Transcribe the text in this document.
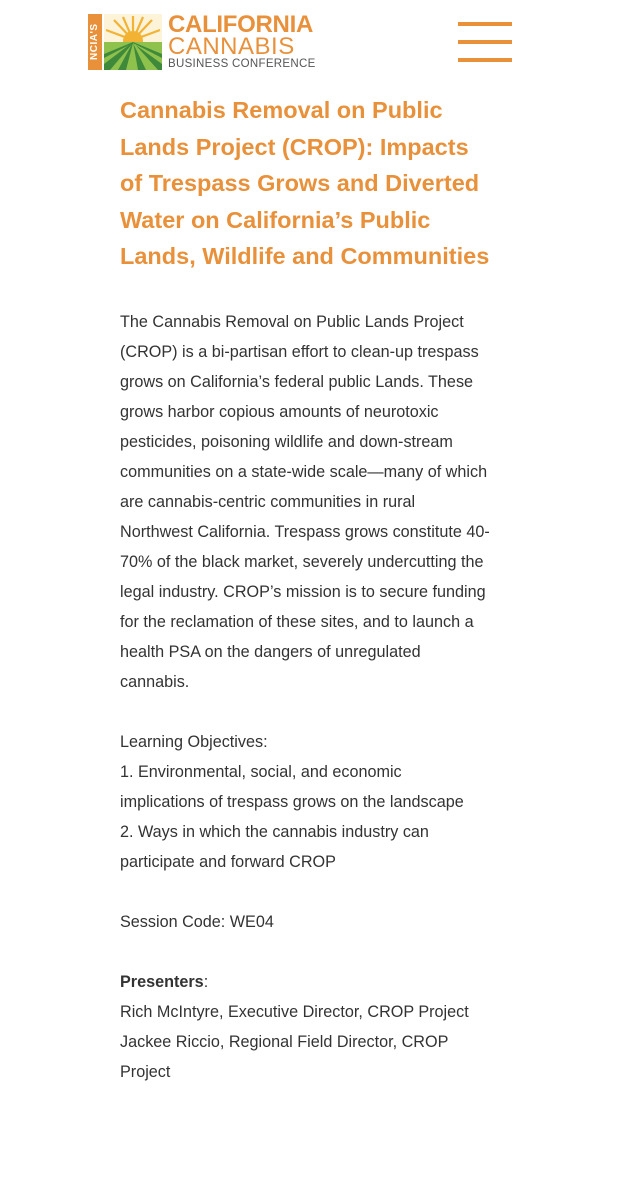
NCIA'S	CALIFORNIA
CANNABIS
BUSINESS CONFERENCE
Cannabis Removal on Public Lands Project (CROP): Impacts of Trespass Grows and Diverted Water on California’s Public Lands, Wildlife and Communities

The Cannabis Removal on Public Lands Project (CROP) is a bi-partisan effort to clean-up trespass grows on California’s federal public Lands. These grows harbor copious amounts of neurotoxic pesticides, poisoning wildlife and down-stream communities on a state-wide scale—many of which are cannabis-centric communities in rural Northwest California. Trespass grows constitute 40-70% of the black market, severely undercutting the legal industry. CROP’s mission is to secure funding for the reclamation of these sites, and to launch a health PSA on the dangers of unregulated cannabis.

Learning Objectives:

1. Environmental, social, and economic implications of trespass grows on the landscape

2. Ways in which the cannabis industry can participate and forward CROP

Session Code: WE04

Presenters:

Rich McIntyre, Executive Director, CROP Project

Jackee Riccio, Regional Field Director, CROP Project
